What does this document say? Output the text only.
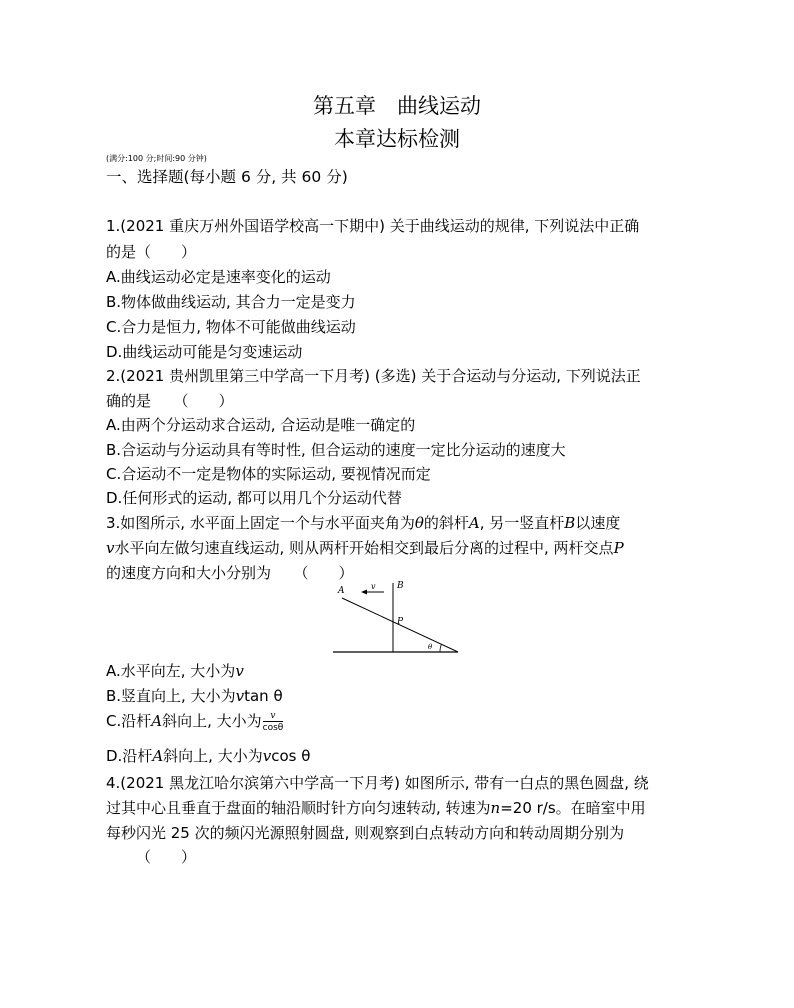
第五章　曲线运动
本章达标检测
(满分:100 分;时间:90 分钟)
一、选择题(每小题 6 分, 共 60 分)
1.(2021 重庆万州外国语学校高一下期中) 关于曲线运动的规律, 下列说法中正确
的是（　　）
A.曲线运动必定是速率变化的运动
B.物体做曲线运动, 其合力一定是变力
C.合力是恒力, 物体不可能做曲线运动
D.曲线运动可能是匀变速运动
2.(2021 贵州凯里第三中学高一下月考) (多选) 关于合运动与分运动, 下列说法正
确的是　　（　　）
A.由两个分运动求合运动, 合运动是唯一确定的
B.合运动与分运动具有等时性, 但合运动的速度一定比分运动的速度大
C.合运动不一定是物体的实际运动, 要视情况而定
D.任何形式的运动, 都可以用几个分运动代替
3.如图所示, 水平面上固定一个与水平面夹角为θ的斜杆A, 另一竖直杆B以速度
v水平向左做匀速直线运动, 则从两杆开始相交到最后分离的过程中, 两杆交点P
的速度方向和大小分别为　　（　　）
A	B
P
v
θ
A.水平向左, 大小为v
B.竖直向上, 大小为vtan θ
C.沿杆A斜向上, 大小为 $\frac{v}{\cos\theta}$
D.沿杆A斜向上, 大小为vcos θ
4.(2021 黑龙江哈尔滨第六中学高一下月考) 如图所示, 带有一白点的黑色圆盘, 绕
过其中心且垂直于盘面的轴沿顺时针方向匀速转动, 转速为n=20 r/s。在暗室中用
每秒闪光 25 次的频闪光源照射圆盘, 则观察到白点转动方向和转动周期分别为
（　　）
